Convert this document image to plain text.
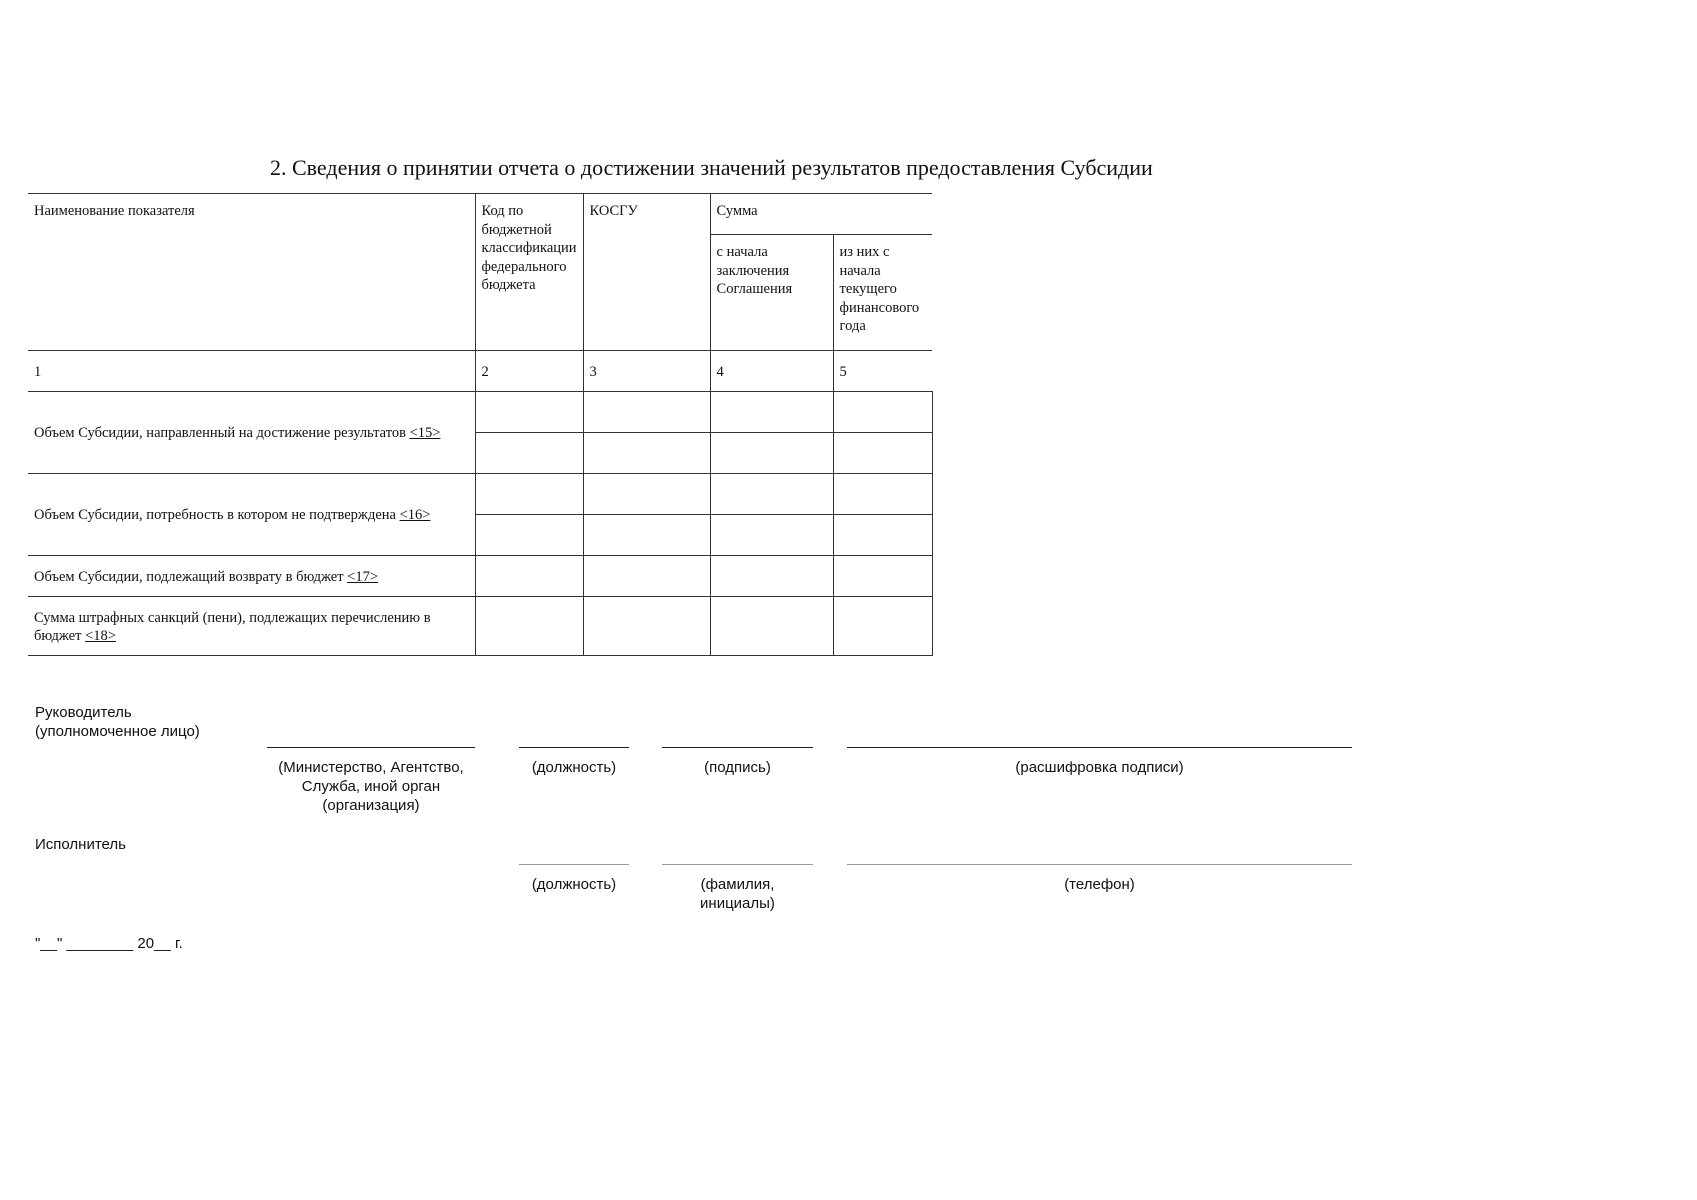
2. Сведения о принятии отчета о достижении значений результатов предоставления Субсидии
Наименование показателя	Код по бюджетной классификации федерального бюджета	КОСГУ	Сумма	
			с начала заключения Соглашения	из них с начала текущего финансового года
1	2	3	4	5
Объем Субсидии, направленный на достижение результатов <15>				

Объем Субсидии, потребность в котором не подтверждена <16>				

Объем Субсидии, подлежащий возврату в бюджет <17>				
Сумма штрафных санкций (пени), подлежащих перечислению в бюджет <18>				
Руководитель (уполномоченное лицо)
(Министерство, Агентство, Служба, иной орган (организация)
(должность)	(подпись)	(расшифровка подписи)
Исполнитель
(должность)	(фамилия, инициалы)
(телефон)
"__" ________ 20__ г.
